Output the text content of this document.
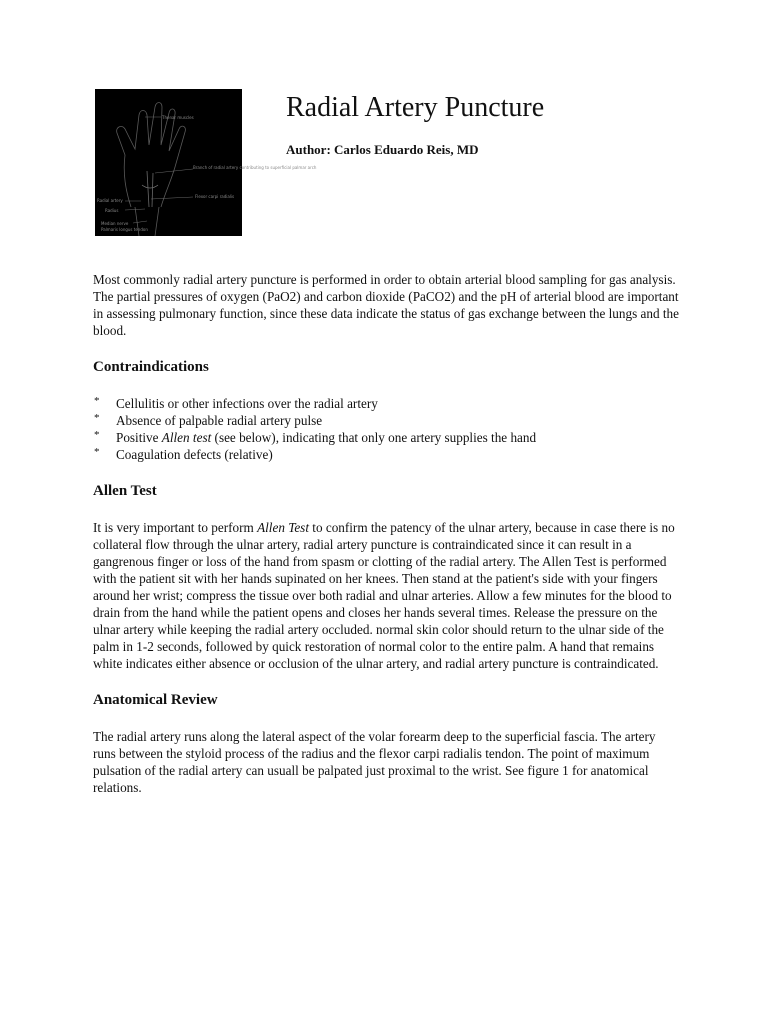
Thenar muscles
Branch of radial artery contributing to superficial palmar arch
Radial artery
Radius
Flexor carpi radialis
Median nerve
Palmaris longus tendon
Radial Artery Puncture
Author: Carlos Eduardo Reis, MD

Most commonly radial artery puncture is performed in order to obtain arterial blood sampling for gas analysis. The partial pressures of oxygen (PaO2) and carbon dioxide (PaCO2) and the pH of arterial blood are important in assessing pulmonary function, since these data indicate the status of gas exchange between the lungs and the blood.

Contraindications
* Cellulitis or other infections over the radial artery
* Absence of palpable radial artery pulse
* Positive Allen test (see below), indicating that only one artery supplies the hand
* Coagulation defects (relative)
Allen Test

It is very important to perform Allen Test to confirm the patency of the ulnar artery, because in case there is no collateral flow through the ulnar artery, radial artery puncture is contraindicated since it can result in a gangrenous finger or loss of the hand from spasm or clotting of the radial artery. The Allen Test is performed with the patient sit with her hands supinated on her knees. Then stand at the patient's side with your fingers around her wrist; compress the tissue over both radial and ulnar arteries. Allow a few minutes for the blood to drain from the hand while the patient opens and closes her hands several times. Release the pressure on the ulnar artery while keeping the radial artery occluded. normal skin color should return to the ulnar side of the palm in 1-2 seconds, followed by quick restoration of normal color to the entire palm. A hand that remains white indicates either absence or occlusion of the ulnar artery, and radial artery puncture is contraindicated.

Anatomical Review

The radial artery runs along the lateral aspect of the volar forearm deep to the superficial fascia. The artery runs between the styloid process of the radius and the flexor carpi radialis tendon. The point of maximum pulsation of the radial artery can usuall be palpated just proximal to the wrist. See figure 1 for anatomical relations.
